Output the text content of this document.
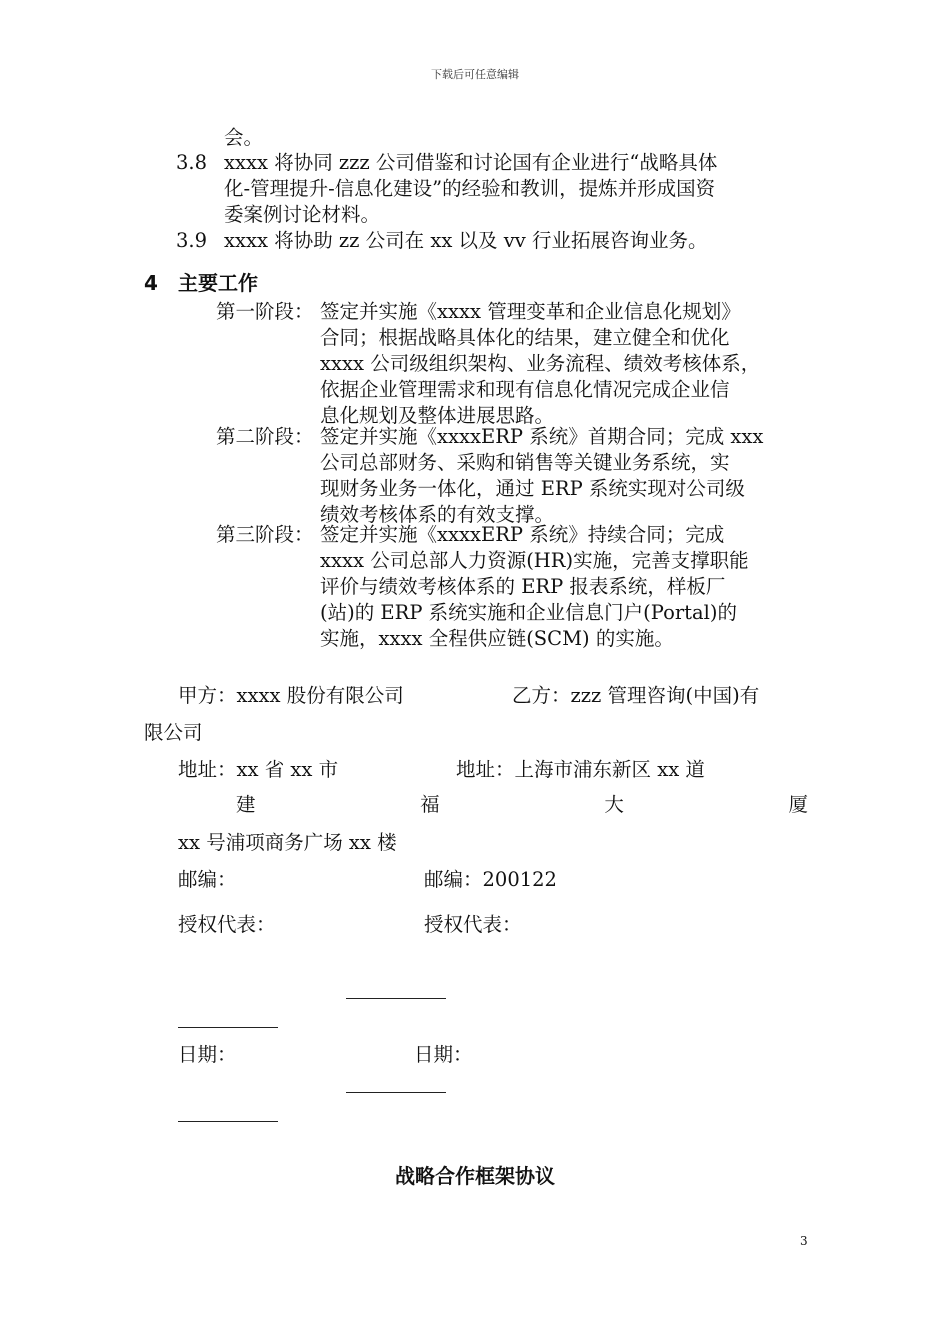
下载后可任意编辑
会。
3.8 xxxx 将协同 zzz 公司借鉴和讨论国有企业进行“战略具体
化-管理提升-信息化建设”的经验和教训，提炼并形成国资
委案例讨论材料。
3.9 xxxx 将协助 zz 公司在 xx 以及 vv 行业拓展咨询业务。
4 主要工作
第一阶段： 签定并实施《xxxx 管理变革和企业信息化规划》
合同；根据战略具体化的结果，建立健全和优化
xxxx 公司级组织架构、业务流程、绩效考核体系，
依据企业管理需求和现有信息化情况完成企业信
息化规划及整体进展思路。
第二阶段： 签定并实施《xxxxERP 系统》首期合同；完成 xxx
公司总部财务、采购和销售等关键业务系统，实
现财务业务一体化，通过 ERP 系统实现对公司级
绩效考核体系的有效支撑。
第三阶段： 签定并实施《xxxxERP 系统》持续合同；完成
xxxx 公司总部人力资源(HR)实施，完善支撑职能
评价与绩效考核体系的 ERP 报表系统，样板厂
(站)的 ERP 系统实施和企业信息门户(Portal)的
实施，xxxx 全程供应链(SCM) 的实施。
甲方：xxxx 股份有限公司	乙方：zzz 管理咨询(中国)有
限公司
地址：xx 省 xx 市	地址：上海市浦东新区 xx 道
建	福	大	厦
xx 号浦项商务广场 xx 楼
邮编：	邮编：200122
授权代表：	授权代表：
日期：	日期：
战略合作框架协议
3
